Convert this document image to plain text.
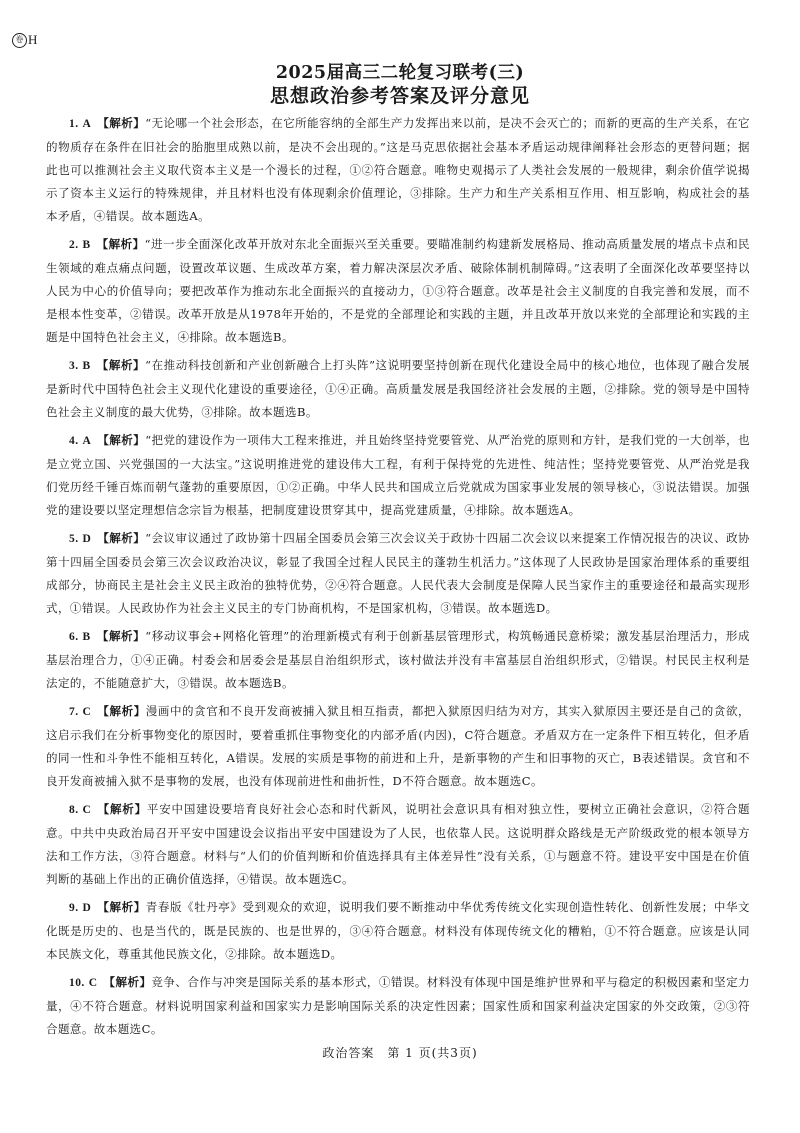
卷 H

2025届高三二轮复习联考(三)

思想政治参考答案及评分意见

1. A 【解析】“无论哪一个社会形态，在它所能容纳的全部生产力发挥出来以前，是决不会灭亡的；而新的更高的生产关系，在它的物质存在条件在旧社会的胎胞里成熟以前，是决不会出现的。”这是马克思依据社会基本矛盾运动规律阐释社会形态的更替问题；据此也可以推测社会主义取代资本主义是一个漫长的过程，①②符合题意。唯物史观揭示了人类社会发展的一般规律，剩余价值学说揭示了资本主义运行的特殊规律，并且材料也没有体现剩余价值理论，③排除。生产力和生产关系相互作用、相互影响，构成社会的基本矛盾，④错误。故本题选A。

2. B 【解析】“进一步全面深化改革开放对东北全面振兴至关重要。要瞄准制约构建新发展格局、推动高质量发展的堵点卡点和民生领域的难点痛点问题，设置改革议题、生成改革方案，着力解决深层次矛盾、破除体制机制障碍。”这表明了全面深化改革要坚持以人民为中心的价值导向；要把改革作为推动东北全面振兴的直接动力，①③符合题意。改革是社会主义制度的自我完善和发展，而不是根本性变革，②错误。改革开放是从1978年开始的，不是党的全部理论和实践的主题，并且改革开放以来党的全部理论和实践的主题是中国特色社会主义，④排除。故本题选B。

3. B 【解析】“在推动科技创新和产业创新融合上打头阵”这说明要坚持创新在现代化建设全局中的核心地位，也体现了融合发展是新时代中国特色社会主义现代化建设的重要途径，①④正确。高质量发展是我国经济社会发展的主题，②排除。党的领导是中国特色社会主义制度的最大优势，③排除。故本题选B。

4. A 【解析】“把党的建设作为一项伟大工程来推进，并且始终坚持党要管党、从严治党的原则和方针，是我们党的一大创举，也是立党立国、兴党强国的一大法宝。”这说明推进党的建设伟大工程，有利于保持党的先进性、纯洁性；坚持党要管党、从严治党是我们党历经千锤百炼而朝气蓬勃的重要原因，①②正确。中华人民共和国成立后党就成为国家事业发展的领导核心，③说法错误。加强党的建设要以坚定理想信念宗旨为根基，把制度建设贯穿其中，提高党建质量，④排除。故本题选A。

5. D 【解析】“会议审议通过了政协第十四届全国委员会第三次会议关于政协十四届二次会议以来提案工作情况报告的决议、政协第十四届全国委员会第三次会议政治决议，彰显了我国全过程人民民主的蓬勃生机活力。”这体现了人民政协是国家治理体系的重要组成部分，协商民主是社会主义民主政治的独特优势，②④符合题意。人民代表大会制度是保障人民当家作主的重要途径和最高实现形式，①错误。人民政协作为社会主义民主的专门协商机构，不是国家机构，③错误。故本题选D。

6. B 【解析】“移动议事会+网格化管理”的治理新模式有利于创新基层管理形式，构筑畅通民意桥梁；激发基层治理活力，形成基层治理合力，①④正确。村委会和居委会是基层自治组织形式，该村做法并没有丰富基层自治组织形式，②错误。村民民主权利是法定的，不能随意扩大，③错误。故本题选B。

7. C 【解析】漫画中的贪官和不良开发商被捕入狱且相互指责，都把入狱原因归结为对方，其实入狱原因主要还是自己的贪欲，这启示我们在分析事物变化的原因时，要着重抓住事物变化的内部矛盾(内因)，C符合题意。矛盾双方在一定条件下相互转化，但矛盾的同一性和斗争性不能相互转化，A错误。发展的实质是事物的前进和上升，是新事物的产生和旧事物的灭亡，B表述错误。贪官和不良开发商被捕入狱不是事物的发展，也没有体现前进性和曲折性，D不符合题意。故本题选C。

8. C 【解析】平安中国建设要培育良好社会心态和时代新风，说明社会意识具有相对独立性，要树立正确社会意识，②符合题意。中共中央政治局召开平安中国建设会议指出平安中国建设为了人民，也依靠人民。这说明群众路线是无产阶级政党的根本领导方法和工作方法，③符合题意。材料与“人们的价值判断和价值选择具有主体差异性”没有关系，①与题意不符。建设平安中国是在价值判断的基础上作出的正确价值选择，④错误。故本题选C。

9. D 【解析】青春版《牡丹亭》受到观众的欢迎，说明我们要不断推动中华优秀传统文化实现创造性转化、创新性发展；中华文化既是历史的、也是当代的，既是民族的、也是世界的，③④符合题意。材料没有体现传统文化的糟粕，①不符合题意。应该是认同本民族文化，尊重其他民族文化，②排除。故本题选D。

10. C 【解析】竞争、合作与冲突是国际关系的基本形式，①错误。材料没有体现中国是维护世界和平与稳定的积极因素和坚定力量，④不符合题意。材料说明国家利益和国家实力是影响国际关系的决定性因素；国家性质和国家利益决定国家的外交政策，②③符合题意。故本题选C。

政治答案　第 1 页(共3页)
